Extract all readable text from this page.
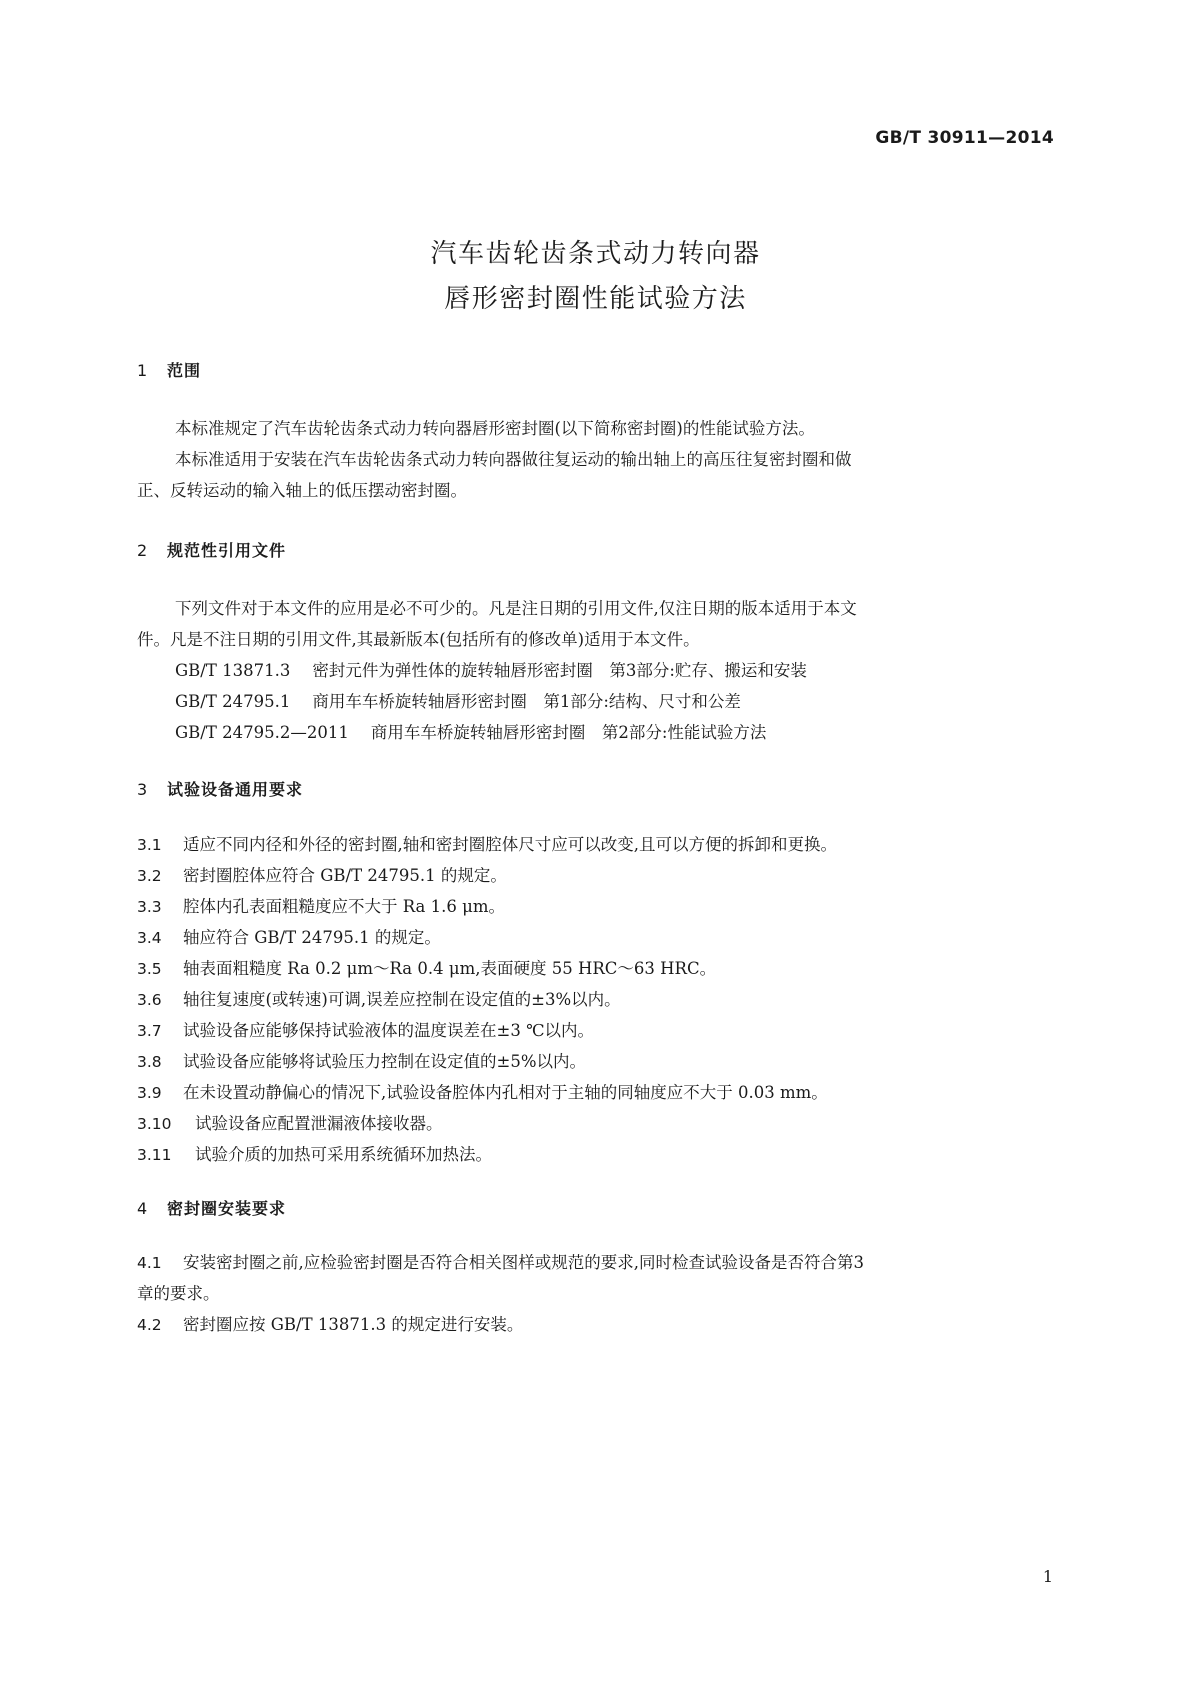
GB/T 30911—2014
汽车齿轮齿条式动力转向器
唇形密封圈性能试验方法
1 范围
本标准规定了汽车齿轮齿条式动力转向器唇形密封圈(以下简称密封圈)的性能试验方法。
本标准适用于安装在汽车齿轮齿条式动力转向器做往复运动的输出轴上的高压往复密封圈和做
正、反转运动的输入轴上的低压摆动密封圈。
2 规范性引用文件
下列文件对于本文件的应用是必不可少的。凡是注日期的引用文件,仅注日期的版本适用于本文
件。凡是不注日期的引用文件,其最新版本(包括所有的修改单)适用于本文件。
GB/T 13871.3 密封元件为弹性体的旋转轴唇形密封圈　第3部分:贮存、搬运和安装
GB/T 24795.1 商用车车桥旋转轴唇形密封圈　第1部分:结构、尺寸和公差
GB/T 24795.2—2011 商用车车桥旋转轴唇形密封圈　第2部分:性能试验方法
3 试验设备通用要求
3.1 适应不同内径和外径的密封圈,轴和密封圈腔体尺寸应可以改变,且可以方便的拆卸和更换。
3.2 密封圈腔体应符合 GB/T 24795.1 的规定。
3.3 腔体内孔表面粗糙度应不大于 Ra 1.6 μm。
3.4 轴应符合 GB/T 24795.1 的规定。
3.5 轴表面粗糙度 Ra 0.2 μm～Ra 0.4 μm,表面硬度 55 HRC～63 HRC。
3.6 轴往复速度(或转速)可调,误差应控制在设定值的±3%以内。
3.7 试验设备应能够保持试验液体的温度误差在±3 ℃以内。
3.8 试验设备应能够将试验压力控制在设定值的±5%以内。
3.9 在未设置动静偏心的情况下,试验设备腔体内孔相对于主轴的同轴度应不大于 0.03 mm。
3.10 试验设备应配置泄漏液体接收器。
3.11 试验介质的加热可采用系统循环加热法。
4 密封圈安装要求
4.1 安装密封圈之前,应检验密封圈是否符合相关图样或规范的要求,同时检查试验设备是否符合第3
章的要求。
4.2 密封圈应按 GB/T 13871.3 的规定进行安装。
1
